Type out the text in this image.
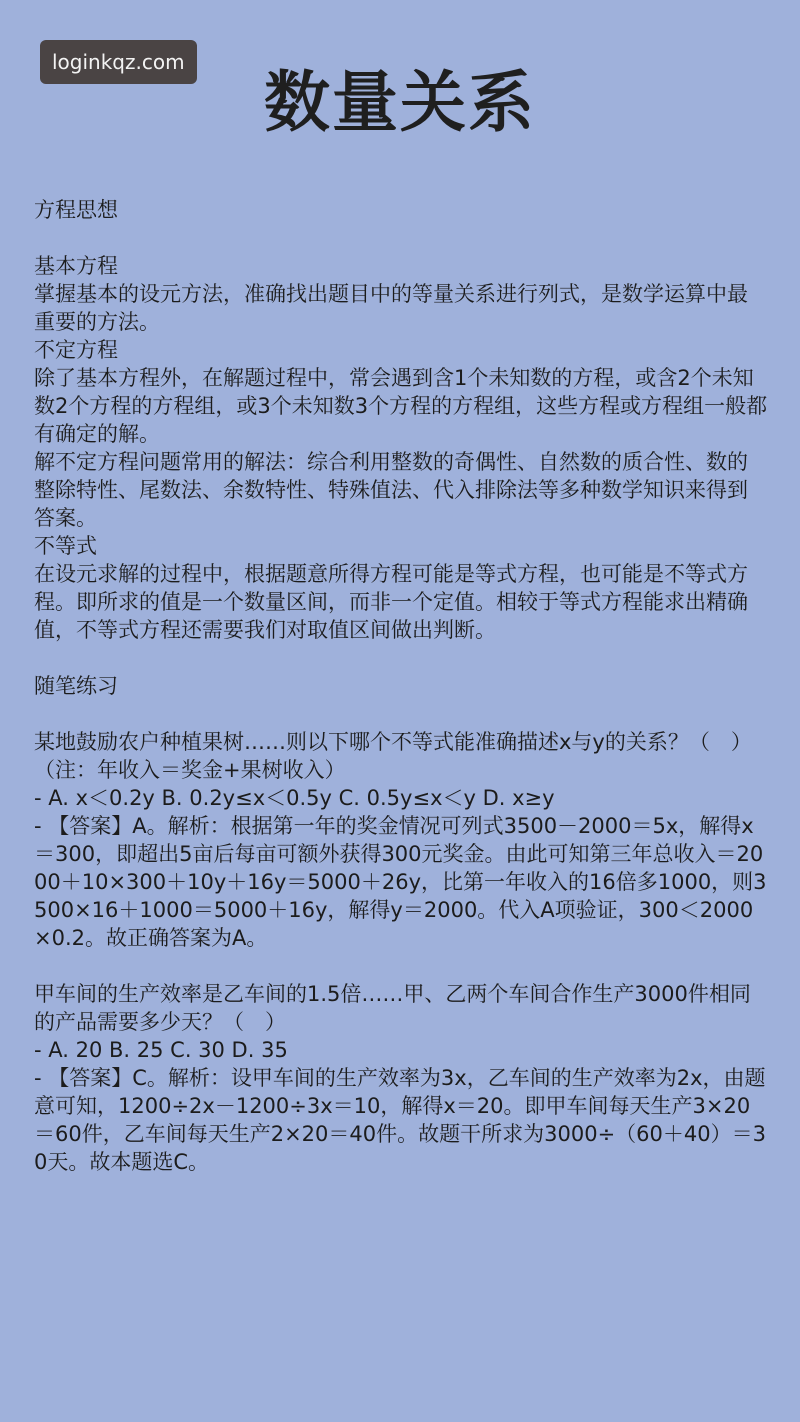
loginkqz.com
数量关系

方程思想

基本方程

掌握基本的设元方法，准确找出题目中的等量关系进行列式，是数学运算中最重要的方法。

不定方程

除了基本方程外，在解题过程中，常会遇到含1个未知数的方程，或含2个未知数2个方程的方程组，或3个未知数3个方程的方程组，这些方程或方程组一般都有确定的解。

解不定方程问题常用的解法：综合利用整数的奇偶性、自然数的质合性、数的整除特性、尾数法、余数特性、特殊值法、代入排除法等多种数学知识来得到答案。

不等式

在设元求解的过程中，根据题意所得方程可能是等式方程，也可能是不等式方程。即所求的值是一个数量区间，而非一个定值。相较于等式方程能求出精确值，不等式方程还需要我们对取值区间做出判断。

随笔练习

某地鼓励农户种植果树……则以下哪个不等式能准确描述x与y的关系？（　）（注：年收入＝奖金+果树收入）

- A. x＜0.2y B. 0.2y≤x＜0.5y C. 0.5y≤x＜y D. x≥y

- 【答案】A。解析：根据第一年的奖金情况可列式3500－2000＝5x，解得x＝300，即超出5亩后每亩可额外获得300元奖金。由此可知第三年总收入＝2000＋10×300＋10y＋16y＝5000＋26y，比第一年收入的16倍多1000，则3500×16＋1000＝5000＋16y，解得y＝2000。代入A项验证，300＜2000×0.2。故正确答案为A。

甲车间的生产效率是乙车间的1.5倍……甲、乙两个车间合作生产3000件相同的产品需要多少天？（　）

- A. 20 B. 25 C. 30 D. 35

- 【答案】C。解析：设甲车间的生产效率为3x，乙车间的生产效率为2x，由题意可知，1200÷2x－1200÷3x＝10，解得x＝20。即甲车间每天生产3×20＝60件，乙车间每天生产2×20＝40件。故题干所求为3000÷（60＋40）＝30天。故本题选C。
